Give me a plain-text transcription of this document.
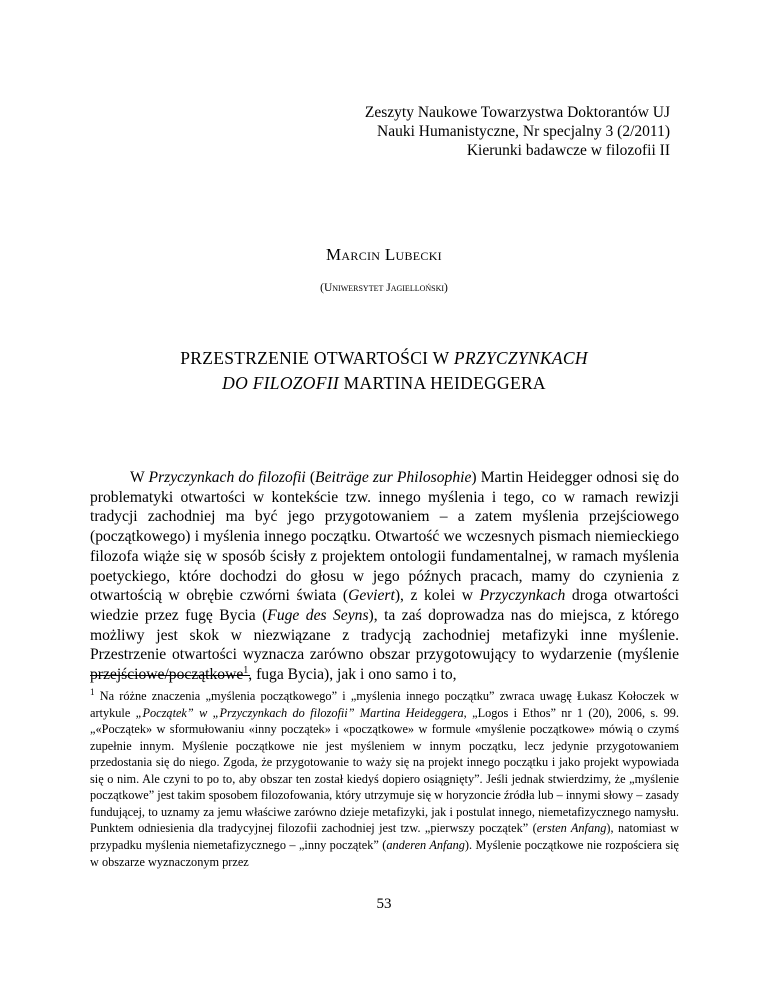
Zeszyty Naukowe Towarzystwa Doktorantów UJ
Nauki Humanistyczne, Nr specjalny 3 (2/2011)
Kierunki badawcze w filozofii II
Marcin Lubecki
(Uniwersytet Jagielloński)
PRZESTRZENIE OTWARTOŚCI W PRZYCZYNKACH
DO FILOZOFII MARTINA HEIDEGGERA

W Przyczynkach do filozofii (Beiträge zur Philosophie) Martin Heidegger odnosi się do problematyki otwartości w kontekście tzw. innego myślenia i tego, co w ramach rewizji tradycji zachodniej ma być jego przygotowaniem – a zatem myślenia przejściowego (początkowego) i myślenia innego początku. Otwartość we wczesnych pismach niemieckiego filozofa wiąże się w sposób ścisły z projektem ontologii fundamentalnej, w ramach myślenia poetyckiego, które dochodzi do głosu w jego późnych pracach, mamy do czynienia z otwartością w obrębie czwórni świata (Geviert), z kolei w Przyczynkach droga otwartości wiedzie przez fugę Bycia (Fuge des Seyns), ta zaś doprowadza nas do miejsca, z którego możliwy jest skok w niezwiązane z tradycją zachodniej metafizyki inne myślenie. Przestrzenie otwartości wyznacza zarówno obszar przygotowujący to wydarzenie (myślenie przejściowe/początkowe$^1$, fuga Bycia), jak i ono samo i to,

$^1$ Na różne znaczenia „myślenia początkowego” i „myślenia innego początku” zwraca uwagę Łukasz Kołoczek w artykule „Początek” w „Przyczynkach do filozofii” Martina Heideggera, „Logos i Ethos” nr 1 (20), 2006, s. 99. „«Początek» w sformułowaniu «inny początek» i «początkowe» w formule «myślenie początkowe» mówią o czymś zupełnie innym. Myślenie początkowe nie jest myśleniem w innym początku, lecz jedynie przygotowaniem przedostania się do niego. Zgoda, że przygotowanie to waży się na projekt innego początku i jako projekt wypowiada się o nim. Ale czyni to po to, aby obszar ten został kiedyś dopiero osiągnięty”. Jeśli jednak stwierdzimy, że „myślenie początkowe” jest takim sposobem filozofowania, który utrzymuje się w horyzoncie źródła lub – innymi słowy – zasady fundującej, to uznamy za jemu właściwe zarówno dzieje metafizyki, jak i postulat innego, niemetafizycznego namysłu. Punktem odniesienia dla tradycyjnej filozofii zachodniej jest tzw. „pierwszy początek” (ersten Anfang), natomiast w przypadku myślenia niemetafizycznego – „inny początek” (anderen Anfang). Myślenie początkowe nie rozpościera się w obszarze wyznaczonym przez
53
